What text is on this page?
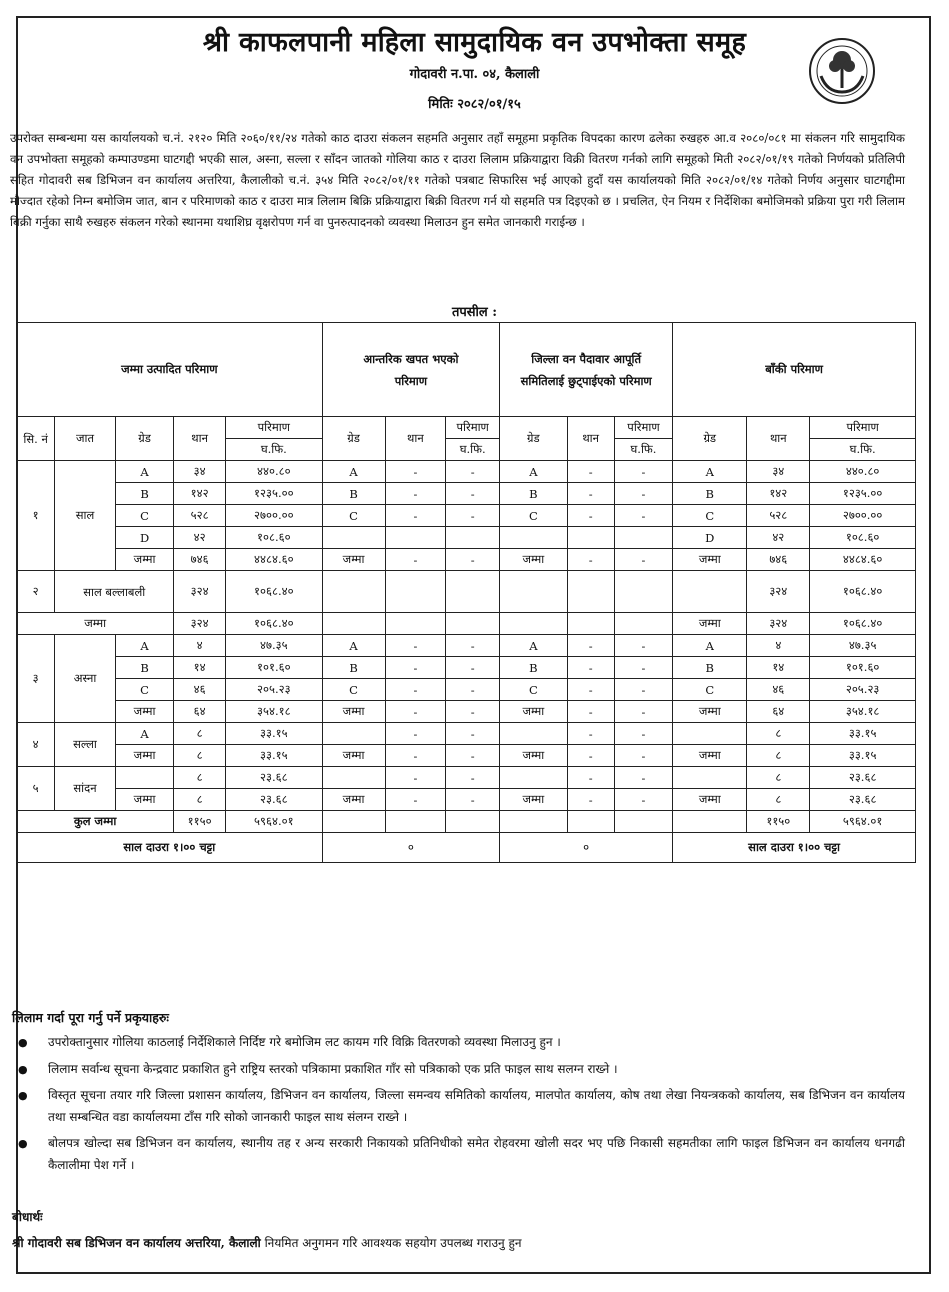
श्री काफलपानी महिला सामुदायिक वन उपभोक्ता समूह
गोदावरी न.पा. ०४, कैलाली
मितिः २०८२/०१/१५
उपरोक्त सम्बन्धमा यस कार्यालयको च.नं. २१२० मिति २०६०/११/२४ गतेको काठ दाउरा संकलन सहमति अनुसार तहाँ समूहमा प्रकृतिक विपदका कारण ढलेका रुखहरु आ.व २०८०/०८१ मा संकलन गरि सामुदायिक वन उपभोक्ता समूहको कम्पाउण्डमा घाटगद्दी भएकी साल, अस्ना, सल्ला र साँदन जातको गोलिया काठ र दाउरा लिलाम प्रक्रियाद्वारा विक्री वितरण गर्नको लागि समूहको मिती २०८२/०१/१९ गतेको निर्णयको प्रतिलिपी सहित गोदावरी सब डिभिजन वन कार्यालय अत्तरिया, कैलालीको च.नं. ३५४ मिति २०८२/०१/११ गतेको पत्रबाट सिफारिस भई आएको हुदाँ यस कार्यालयको मिति २०८२/०१/१४ गतेको निर्णय अनुसार घाटगद्दीमा मौज्दात रहेको निम्न बमोजिम जात, बान र परिमाणको काठ र दाउरा मात्र लिलाम बिक्रि प्रक्रियाद्वारा बिक्री वितरण गर्न यो सहमति पत्र दिइएको छ । प्रचलित, ऐन नियम र निर्देशिका बमोजिमको प्रक्रिया पुरा गरी लिलाम बिक्री गर्नुका साथै रुखहरु संकलन गरेको स्थानमा यथाशिघ्र वृक्षरोपण गर्न वा पुनरुत्पादनको व्यवस्था मिलाउन हुन समेत जानकारी गराईन्छ ।
तपसील :
जम्मा उत्पादित परिमाण					आन्तरिक खपत भएको परिमाण			जिल्ला वन पैदावार आपूर्ति समितिलाई छुट्पाईएको परिमाण			बाँकी परिमाण		
सि. नं	जात	ग्रेड	थान	परिमाण	ग्रेड	थान	परिमाण	ग्रेड	थान	परिमाण	ग्रेड	थान	परिमाण
				घ.फि.			घ.फि.			घ.फि.			घ.फि.
१	साल	A	३४	४४०.८०	A	-	-	A	-	-	A	३४	४४०.८०
		B	१४२	१२३५.००	B	-	-	B	-	-	B	१४२	१२३५.००
		C	५२८	२७००.००	C	-	-	C	-	-	C	५२८	२७००.००
		D	४२	१०८.६०							D	४२	१०८.६०
		जम्मा	७४६	४४८४.६०	जम्मा	-	-	जम्मा	-	-	जम्मा	७४६	४४८४.६०
२	साल बल्लाबली		३२४	१०६८.४०								३२४	१०६८.४०
जम्मा			३२४	१०६८.४०							जम्मा	३२४	१०६८.४०
३	अस्ना	A	४	४७.३५	A	-	-	A	-	-	A	४	४७.३५
		B	१४	१०१.६०	B	-	-	B	-	-	B	१४	१०१.६०
		C	४६	२०५.२३	C	-	-	C	-	-	C	४६	२०५.२३
		जम्मा	६४	३५४.१८	जम्मा	-	-	जम्मा	-	-	जम्मा	६४	३५४.१८
४	सल्ला	A	८	३३.१५		-	-		-	-		८	३३.१५
		जम्मा	८	३३.१५	जम्मा	-	-	जम्मा	-	-	जम्मा	८	३३.१५
५	सांदन		८	२३.६८		-	-		-	-		८	२३.६८
		जम्मा	८	२३.६८	जम्मा	-	-	जम्मा	-	-	जम्मा	८	२३.६८
कुल जम्मा			११५०	५९६४.०१								११५०	५९६४.०१
साल दाउरा १।०० चट्टा					०			०			साल दाउरा १।०० चट्टा		
लिलाम गर्दा पूरा गर्नु पर्ने प्रकृयाहरुः
● उपरोक्तानुसार गोलिया काठलाई निर्देशिकाले निर्दिष्ट गरे बमोजिम लट कायम गरि विक्रि वितरणको व्यवस्था मिलाउनु हुन ।
● लिलाम सर्वान्ध सूचना केन्द्रवाट प्रकाशित हुने राष्ट्रिय स्तरको पत्रिकामा प्रकाशित गाँर सो पत्रिकाको एक प्रति फाइल साथ सलग्न राख्ने ।
● विस्तृत सूचना तयार गरि जिल्ला प्रशासन कार्यालय, डिभिजन वन कार्यालय, जिल्ला समन्वय समितिको कार्यालय, मालपोत कार्यालय, कोष तथा लेखा नियन्त्रकको कार्यालय, सब डिभिजन वन कार्यालय तथा सम्बन्धित वडा कार्यालयमा टाँस गरि सोको जानकारी फाइल साथ संलग्न राख्ने ।
● बोलपत्र खोल्दा सब डिभिजन वन कार्यालय, स्थानीय तह र अन्य सरकारी निकायको प्रतिनिधीको समेत रोहवरमा खोली सदर भए पछि निकासी सहमतीका लागि फाइल डिभिजन वन कार्यालय धनगढी कैलालीमा पेश गर्ने ।
बोधार्थः
श्री गोदावरी सब डिभिजन वन कार्यालय अत्तरिया, कैलाली नियमित अनुगमन गरि आवश्यक सहयोग उपलब्ध गराउनु हुन
